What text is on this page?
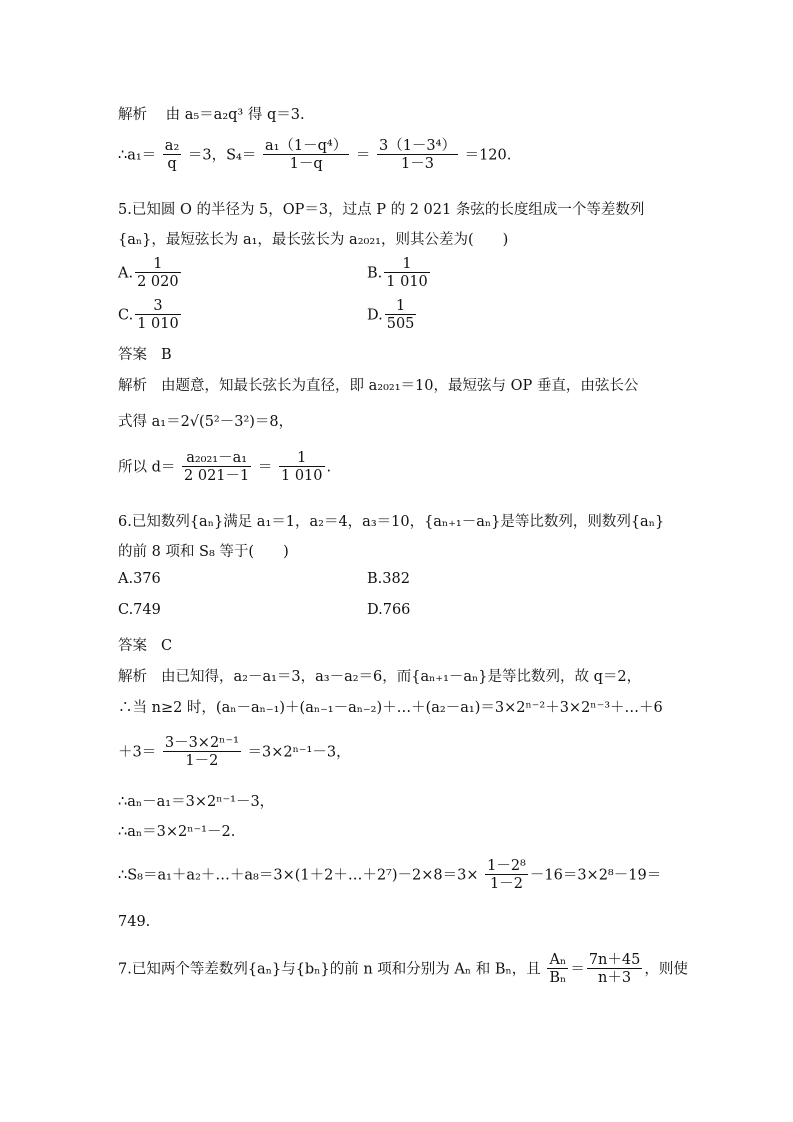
解析 由 a₅＝a₂q³ 得 q＝3.
∴a₁＝ $\frac{\text{a₂}}{q} =3$，$S_4= \frac{\text{a₁（1－q⁴）}}{1-q} = \frac{\text{3（1－3⁴）}}{1-3} =120$.
5.已知圆 O 的半径为 5，OP＝3，过点 P 的 2 021 条弦的长度组成一个等差数列
{aₙ}，最短弦长为 a₁，最长弦长为 a₂₀₂₁，则其公差为(　　)
A. $\frac{1}{2 020}$	B. $\frac{1}{1 010}$
C. $\frac{3}{1 010}$	D. $\frac{1}{505}$
答案 B
解析 由题意，知最长弦长为直径，即 a₂₀₂₁＝10，最短弦与 OP 垂直，由弦长公
式得 a₁＝2√(5²－3²)＝8，
所以 $d= \frac{\text{a₂₀₂₁－a₁}}{2 021-1} = \frac{1}{1 010}$ .
6.已知数列{aₙ}满足 a₁＝1，a₂＝4，a₃＝10，{aₙ₊₁－aₙ}是等比数列，则数列{aₙ}
的前 8 项和 S₈ 等于(　　)
A.376	B.382
C.749	D.766
答案 C
解析 由已知得，a₂－a₁＝3，a₃－a₂＝6，而{aₙ₊₁－aₙ}是等比数列，故 q＝2，
∴当 n≥2 时，(aₙ－aₙ₋₁)＋(aₙ₋₁－aₙ₋₂)＋…＋(a₂－a₁)＝3×2ⁿ⁻²＋3×2ⁿ⁻³＋…＋6
$+3= \frac{\text{3－3×2ⁿ⁻¹}}{1-2} =3\times 2^{n-1}-3$，
∴aₙ－a₁＝3×2ⁿ⁻¹－3，
∴aₙ＝3×2ⁿ⁻¹－2.
∴S₈＝a₁＋a₂＋…＋a₈＝3×(1＋2＋…＋2⁷)－2×8＝3× $\frac{\text{1－2⁸}}{1-2} -16=3\times 2^8-19=$
749.
7.已知两个等差数列{aₙ}与{bₙ}的前 n 项和分别为 Aₙ 和 Bₙ，且 $\frac{\text{Aₙ}}{\text{Bₙ}} = \frac{7n+45}{n+3}$ ，则使
